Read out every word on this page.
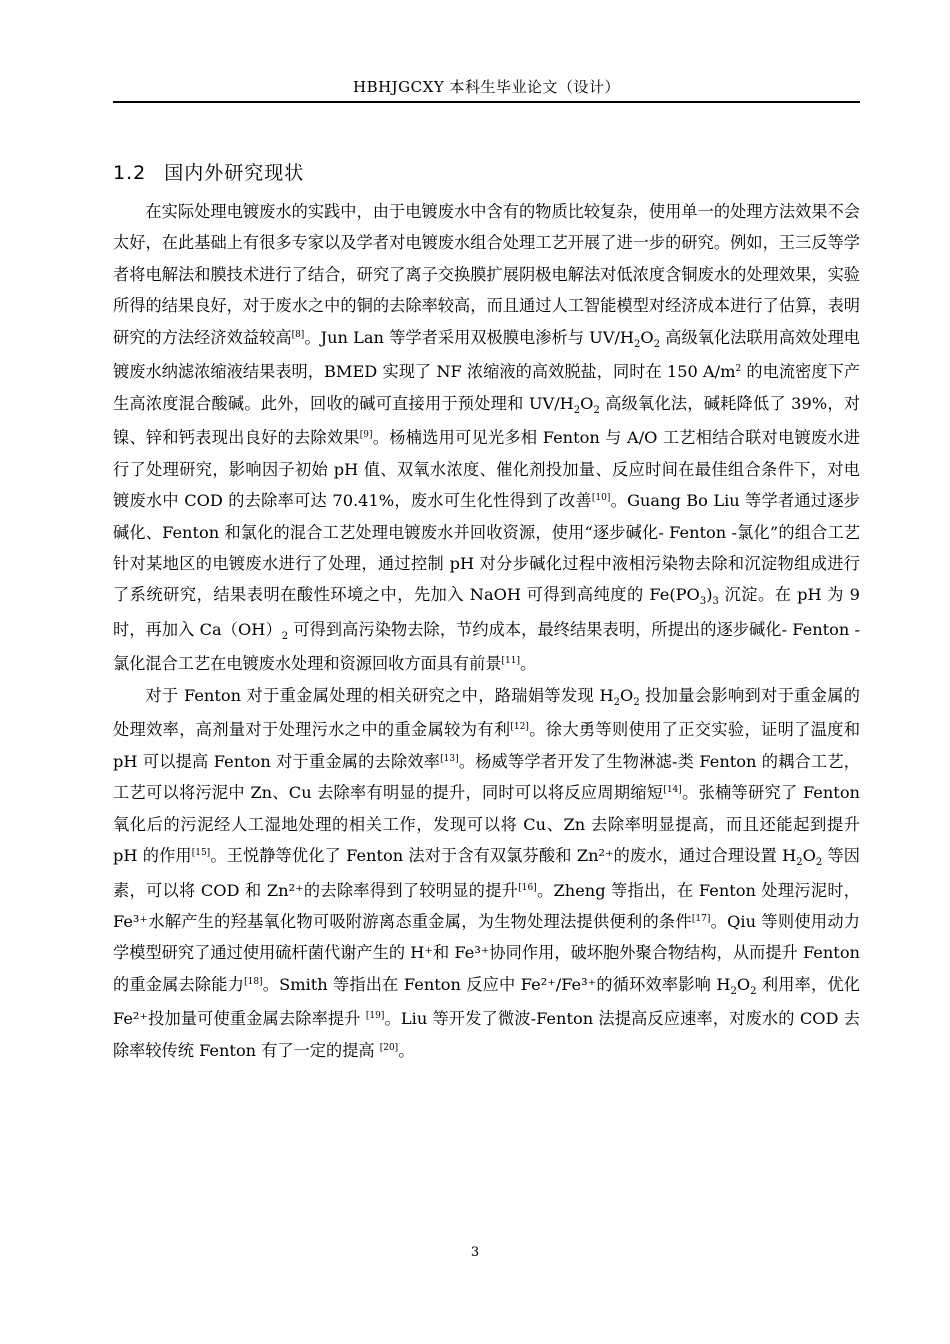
HBHJGCXY 本科生毕业论文（设计）
1.2 国内外研究现状

在实际处理电镀废水的实践中，由于电镀废水中含有的物质比较复杂，使用单一的处理方法效果不会太好，在此基础上有很多专家以及学者对电镀废水组合处理工艺开展了进一步的研究。例如，王三反等学者将电解法和膜技术进行了结合，研究了离子交换膜扩展阴极电解法对低浓度含铜废水的处理效果，实验所得的结果良好，对于废水之中的铜的去除率较高，而且通过人工智能模型对经济成本进行了估算，表明研究的方法经济效益较高[8]。Jun Lan 等学者采用双极膜电渗析与 $UV/H_2O_2$ 高级氧化法联用高效处理电镀废水纳滤浓缩液结果表明，BMED 实现了 NF 浓缩液的高效脱盐，同时在 150 $A/m^2$ 的电流密度下产生高浓度混合酸碱。此外，回收的碱可直接用于预处理和 $UV/H_2O_2$ 高级氧化法，碱耗降低了 39%，对镍、锌和钙表现出良好的去除效果[9]。杨楠选用可见光多相 Fenton 与 A/O 工艺相结合联对电镀废水进行了处理研究，影响因子初始 pH 值、双氧水浓度、催化剂投加量、反应时间在最佳组合条件下，对电镀废水中 COD 的去除率可达 70.41%，废水可生化性得到了改善[10]。Guang Bo Liu 等学者通过逐步碱化、Fenton 和氯化的混合工艺处理电镀废水并回收资源，使用“逐步碱化- Fenton -氯化”的组合工艺针对某地区的电镀废水进行了处理，通过控制 pH 对分步碱化过程中液相污染物去除和沉淀物组成进行了系统研究，结果表明在酸性环境之中，先加入 NaOH 可得到高纯度的 $Fe(PO_3)_3$ 沉淀。在 pH 为 9 时，再加入 $Ca(OH)_2$ 可得到高污染物去除，节约成本，最终结果表明，所提出的逐步碱化- Fenton -氯化混合工艺在电镀废水处理和资源回收方面具有前景[11]。

对于 Fenton 对于重金属处理的相关研究之中，路瑞娟等发现 $H_2O_2$ 投加量会影响到对于重金属的处理效率，高剂量对于处理污水之中的重金属较为有利[12]。徐大勇等则使用了正交实验，证明了温度和 pH 可以提高 Fenton 对于重金属的去除效率[13]。杨威等学者开发了生物淋滤-类 Fenton 的耦合工艺，工艺可以将污泥中 Zn、Cu 去除率有明显的提升，同时可以将反应周期缩短[14]。张楠等研究了 Fenton 氧化后的污泥经人工湿地处理的相关工作，发现可以将 Cu、Zn 去除率明显提高，而且还能起到提升 pH 的作用[15]。王悦静等优化了 Fenton 法对于含有双氯芬酸和 Zn²⁺的废水，通过合理设置 $H_2O_2$ 等因素，可以将 COD 和 Zn²⁺的去除率得到了较明显的提升[16]。Zheng 等指出，在 Fenton 处理污泥时，Fe³⁺水解产生的羟基氧化物可吸附游离态重金属，为生物处理法提供便利的条件[17]。Qiu 等则使用动力学模型研究了通过使用硫杆菌代谢产生的 H⁺和 Fe³⁺协同作用，破坏胞外聚合物结构，从而提升 Fenton 的重金属去除能力[18]。Smith 等指出在 Fenton 反应中 Fe²⁺/Fe³⁺的循环效率影响 $H_2O_2$ 利用率，优化 Fe²⁺投加量可使重金属去除率提升 [19]。Liu 等开发了微波-Fenton 法提高反应速率，对废水的 COD 去除率较传统 Fenton 有了一定的提高 [20]。

3
